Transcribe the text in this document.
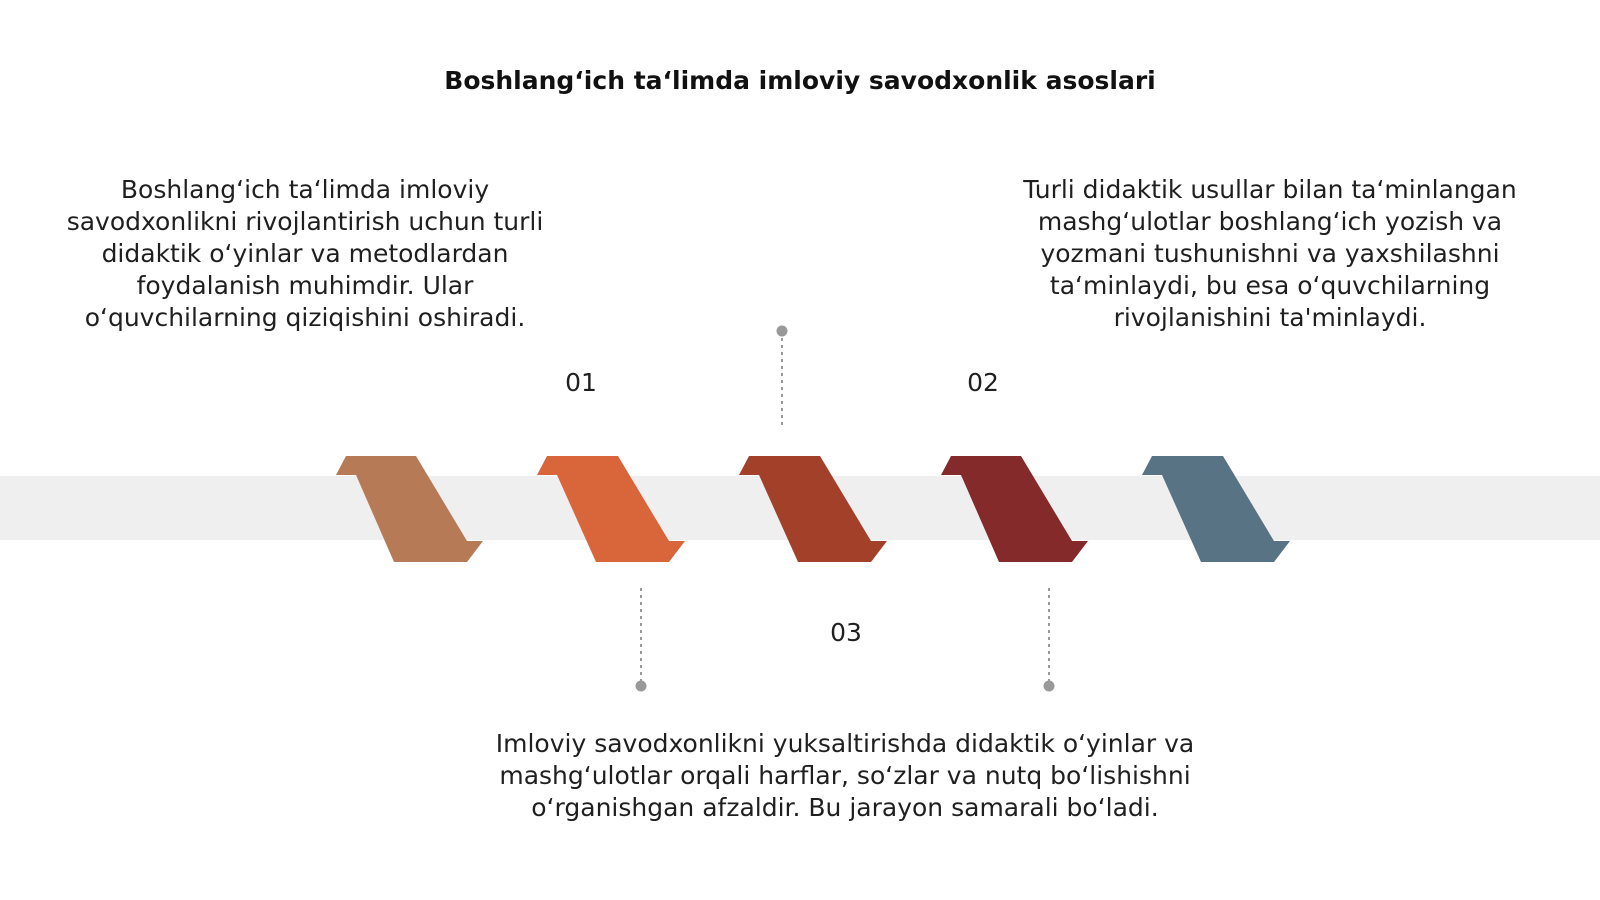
Boshlang‘ich ta‘limda imloviy savodxonlik asoslari
Boshlang‘ich ta‘limda imloviy savodxonlikni rivojlantirish uchun turli didaktik o‘yinlar va metodlardan foydalanish muhimdir. Ular o‘quvchilarning qiziqishini oshiradi.
Turli didaktik usullar bilan ta‘minlangan mashg‘ulotlar boshlang‘ich yozish va yozmani tushunishni va yaxshilashni ta‘minlaydi, bu esa o‘quvchilarning rivojlanishini ta'minlaydi.
01	02
03
Imloviy savodxonlikni yuksaltirishda didaktik o‘yinlar va mashg‘ulotlar orqali harflar, so‘zlar va nutq bo‘lishishni o‘rganishgan afzaldir. Bu jarayon samarali bo‘ladi.
